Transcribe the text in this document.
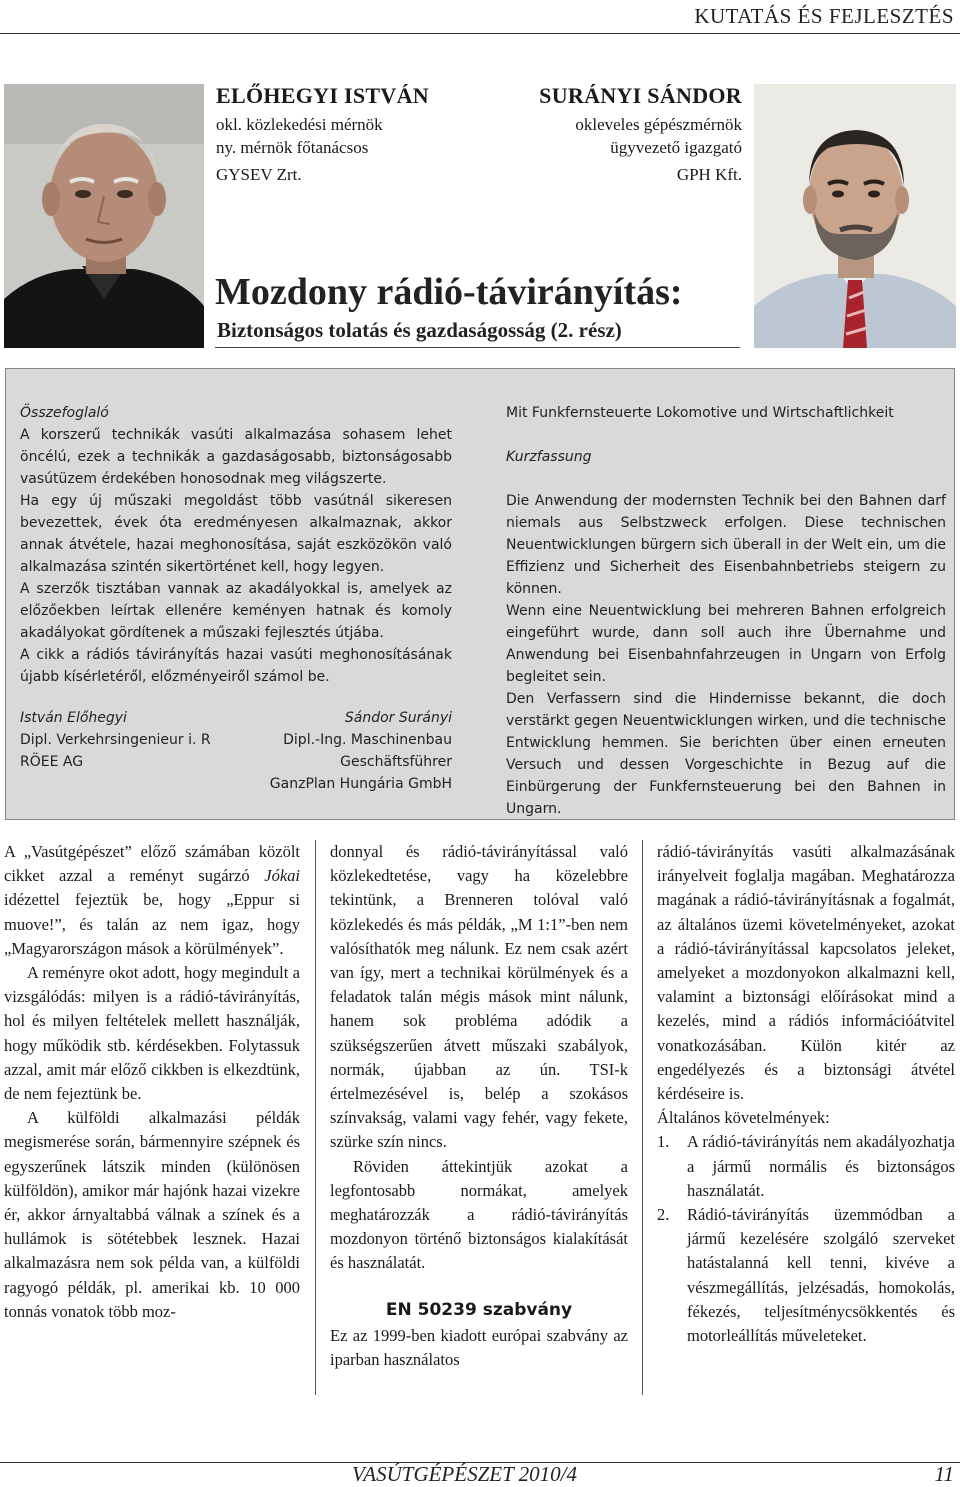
KUTATÁS ÉS FEJLESZTÉS
ELŐHEGYI ISTVÁN
okl. közlekedési mérnök
ny. mérnök főtanácsos
GYSEV Zrt.
SURÁNYI SÁNDOR
okleveles gépészmérnök
ügyvezető igazgató
GPH Kft.
Mozdony rádió-távirányítás:
Biztonságos tolatás és gazdaságosság (2. rész)

Összefoglaló

A korszerű technikák vasúti alkalmazása sohasem lehet öncélú, ezek a technikák a gazdaságosabb, biztonságosabb vasútüzem érdekében honosodnak meg világszerte.

Ha egy új műszaki megoldást több vasútnál sikeresen bevezettek, évek óta eredményesen alkalmaznak, akkor annak átvétele, hazai meghonosítása, saját eszközökön való alkalmazása szintén sikertörténet kell, hogy legyen.

A szerzők tisztában vannak az akadályokkal is, amelyek az előzőekben leírtak ellenére keményen hatnak és komoly akadályokat gördítenek a műszaki fejlesztés útjába.

A cikk a rádiós távirányítás hazai vasúti meghonosításának újabb kísérletéről, előzményeiről számol be.

István Előhegyi	Sándor Surányi
Dipl. Verkehrsingenieur i. R	Dipl.-Ing. Maschinenbau
RÖEE AG	Geschäftsführer
GanzPlan Hungária GmbH

Mit Funkfernsteuerte Lokomotive und Wirtschaftlichkeit

Kurzfassung

Die Anwendung der modernsten Technik bei den Bahnen darf niemals aus Selbstzweck erfolgen. Diese technischen Neuentwicklungen bürgern sich überall in der Welt ein, um die Effizienz und Sicherheit des Eisenbahnbetriebs steigern zu können.

Wenn eine Neuentwicklung bei mehreren Bahnen erfolgreich eingeführt wurde, dann soll auch ihre Übernahme und Anwendung bei Eisenbahnfahrzeugen in Ungarn von Erfolg begleitet sein.

Den Verfassern sind die Hindernisse bekannt, die doch verstärkt gegen Neuentwicklungen wirken, und die technische Entwicklung hemmen. Sie berichten über einen erneuten Versuch und dessen Vorgeschichte in Bezug auf die Einbürgerung der Funkfernsteuerung bei den Bahnen in Ungarn.

A „Vasútgépészet” előző számában közölt cikket azzal a reményt sugárzó Jókai idézettel fejeztük be, hogy „Eppur si muove!”, és talán az nem igaz, hogy „Magyarországon mások a körülmények”.

A reményre okot adott, hogy megindult a vizsgálódás: milyen is a rádió-távirányítás, hol és milyen feltételek mellett használják, hogy működik stb. kérdésekben. Folytassuk azzal, amit már előző cikkben is elkezdtünk, de nem fejeztünk be.

A külföldi alkalmazási példák megismerése során, bármennyire szépnek és egyszerűnek látszik minden (különösen külföldön), amikor már hajónk hazai vizekre ér, akkor árnyaltabbá válnak a színek és a hullámok is sötétebbek lesznek. Hazai alkalmazásra nem sok példa van, a külföldi ragyogó példák, pl. amerikai kb. 10 000 tonnás vonatok több moz-

donnyal és rádió-távirányítással való közlekedtetése, vagy ha közelebbre tekintünk, a Brenneren tolóval való közlekedés és más példák, „M 1:1”-ben nem valósíthatók meg nálunk. Ez nem csak azért van így, mert a technikai körülmények és a feladatok talán mégis mások mint nálunk, hanem sok probléma adódik a szükségszerűen átvett műszaki szabályok, normák, újabban az ún. TSI-k értelmezésével is, belép a szokásos színvakság, valami vagy fehér, vagy fekete, szürke szín nincs.

Röviden áttekintjük azokat a legfontosabb normákat, amelyek meghatározzák a rádió-távirányítás mozdonyon történő biztonságos kialakítását és használatát.

EN 50239 szabvány

Ez az 1999-ben kiadott európai szabvány az iparban használatos

rádió-távirányítás vasúti alkalmazásának irányelveit foglalja magában. Meghatározza magának a rádió-távirányításnak a fogalmát, az általános üzemi követelményeket, azokat a rádió-távirányítással kapcsolatos jeleket, amelyeket a mozdonyokon alkalmazni kell, valamint a biztonsági előírásokat mind a kezelés, mind a rádiós információátvitel vonatkozásában. Külön kitér az engedélyezés és a biztonsági átvétel kérdéseire is.

Általános követelmények:

1. A rádió-távirányítás nem akadályozhatja a jármű normális és biztonságos használatát.
2. Rádió-távirányítás üzemmódban a jármű kezelésére szolgáló szerveket hatástalanná kell tenni, kivéve a vészmegállítás, jelzésadás, homokolás, fékezés, teljesítménycsökkentés és motorleállítás műveleteket.
VASÚTGÉPÉSZET 2010/4	11
